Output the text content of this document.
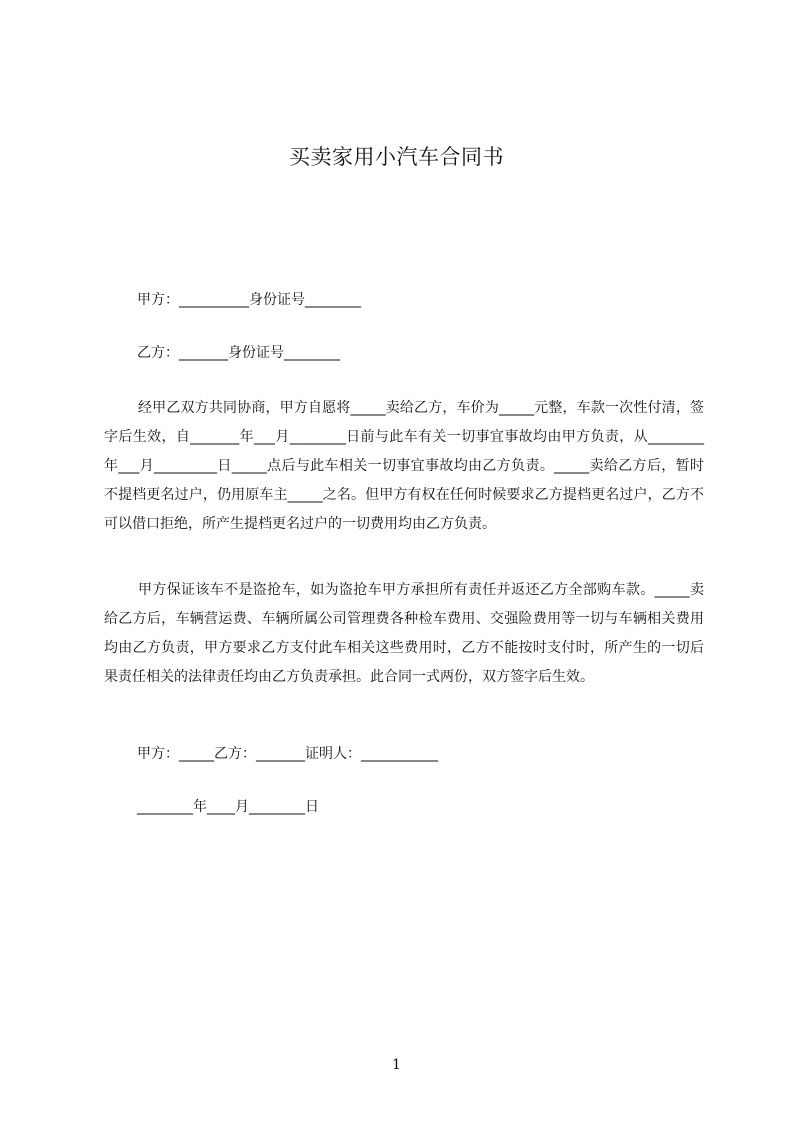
买卖家用小汽车合同书
甲方：__________身份证号________
乙方：_______身份证号________

经甲乙双方共同协商，甲方自愿将_____卖给乙方，车价为_____元整，车款一次性付清，签字后生效，自_______年___月________日前与此车有关一切事宜事故均由甲方负责，从________年___月_________日_____点后与此车相关一切事宜事故均由乙方负责。_____卖给乙方后，暂时不提档更名过户，仍用原车主_____之名。但甲方有权在任何时候要求乙方提档更名过户，乙方不可以借口拒绝，所产生提档更名过户的一切费用均由乙方负责。

甲方保证该车不是盗抢车，如为盗抢车甲方承担所有责任并返还乙方全部购车款。_____卖给乙方后，车辆营运费、车辆所属公司管理费各种检车费用、交强险费用等一切与车辆相关费用均由乙方负责，甲方要求乙方支付此车相关这些费用时，乙方不能按时支付时，所产生的一切后果责任相关的法律责任均由乙方负责承担。此合同一式两份，双方签字后生效。

甲方：_____乙方：_______证明人：___________
________年____月________日
1
